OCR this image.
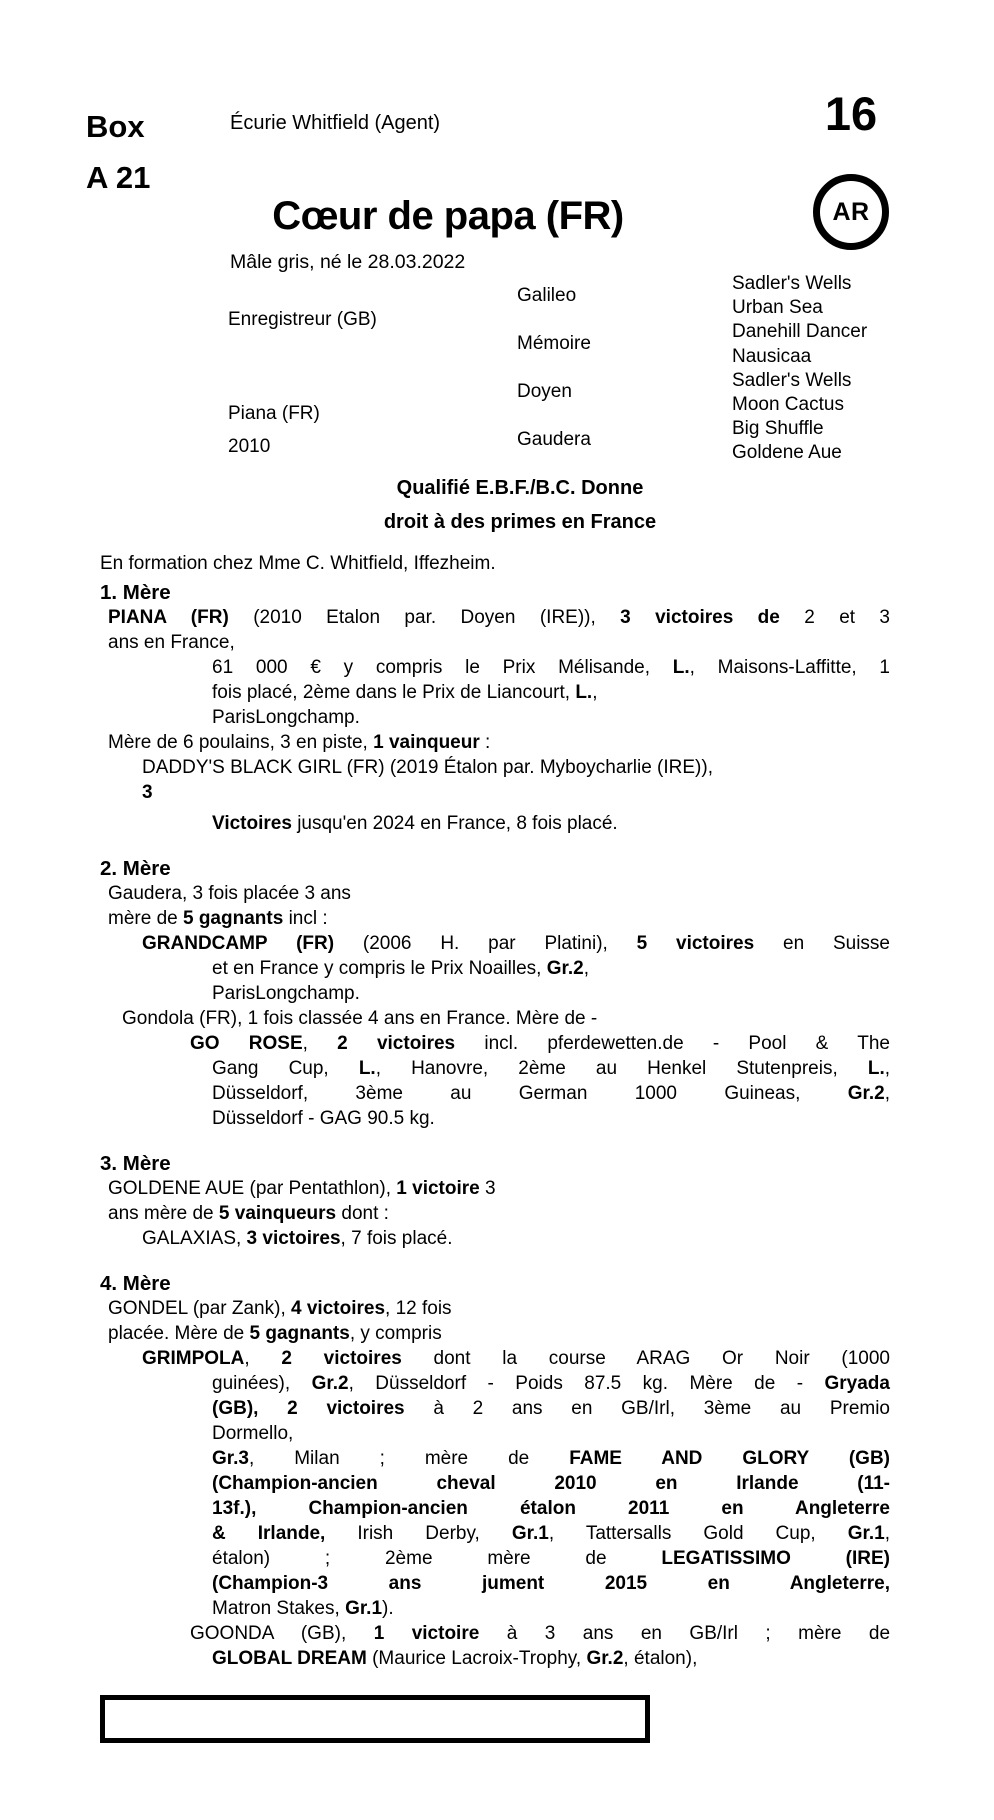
Box
A 21
Écurie Whitfield (Agent)	16
Cœur de papa (FR)	AR
Mâle gris, né le 28.03.2022
Enregistreur (GB)
Piana (FR)
2010
Galileo
Mémoire
Doyen
Gaudera
Sadler's Wells
Urban Sea
Danehill Dancer
Nausicaa
Sadler's Wells
Moon Cactus
Big Shuffle
Goldene Aue
Qualifié E.B.F./B.C. Donne
droit à des primes en France
En formation chez Mme C. Whitfield, Iffezheim.
1. Mère
PIANA (FR) (2010 Etalon par. Doyen (IRE)), 3 victoires de 2 et 3
ans en France,
61 000 € y compris le Prix Mélisande, L., Maisons-Laffitte, 1
fois placé, 2ème dans le Prix de Liancourt, L.,
ParisLongchamp.
Mère de 6 poulains, 3 en piste, 1 vainqueur :
DADDY'S BLACK GIRL (FR) (2019 Étalon par. Myboycharlie (IRE)),
3
Victoires jusqu'en 2024 en France, 8 fois placé.
2. Mère
Gaudera, 3 fois placée 3 ans
mère de 5 gagnants incl :
GRANDCAMP (FR) (2006 H. par Platini), 5 victoires en Suisse
et en France y compris le Prix Noailles, Gr.2,
ParisLongchamp.
Gondola (FR), 1 fois classée 4 ans en France. Mère de -
GO ROSE, 2 victoires incl. pferdewetten.de - Pool & The
Gang Cup, L., Hanovre, 2ème au Henkel Stutenpreis, L.,
Düsseldorf, 3ème au German 1000 Guineas, Gr.2,
Düsseldorf - GAG 90.5 kg.
3. Mère
GOLDENE AUE (par Pentathlon), 1 victoire 3
ans mère de 5 vainqueurs dont :
GALAXIAS, 3 victoires, 7 fois placé.
4. Mère
GONDEL (par Zank), 4 victoires, 12 fois
placée. Mère de 5 gagnants, y compris
GRIMPOLA, 2 victoires dont la course ARAG Or Noir (1000
guinées), Gr.2, Düsseldorf - Poids 87.5 kg. Mère de - Gryada
(GB), 2 victoires à 2 ans en GB/Irl, 3ème au Premio
Dormello,
Gr.3, Milan ; mère de FAME AND GLORY (GB)
(Champion-ancien cheval 2010 en Irlande (11-
13f.), Champion-ancien étalon 2011 en Angleterre
& Irlande, Irish Derby, Gr.1, Tattersalls Gold Cup, Gr.1,
étalon) ; 2ème mère de LEGATISSIMO (IRE)
(Champion-3 ans jument 2015 en Angleterre,
Matron Stakes, Gr.1).
GOONDA (GB), 1 victoire à 3 ans en GB/Irl ; mère de
GLOBAL DREAM (Maurice Lacroix-Trophy, Gr.2, étalon),
